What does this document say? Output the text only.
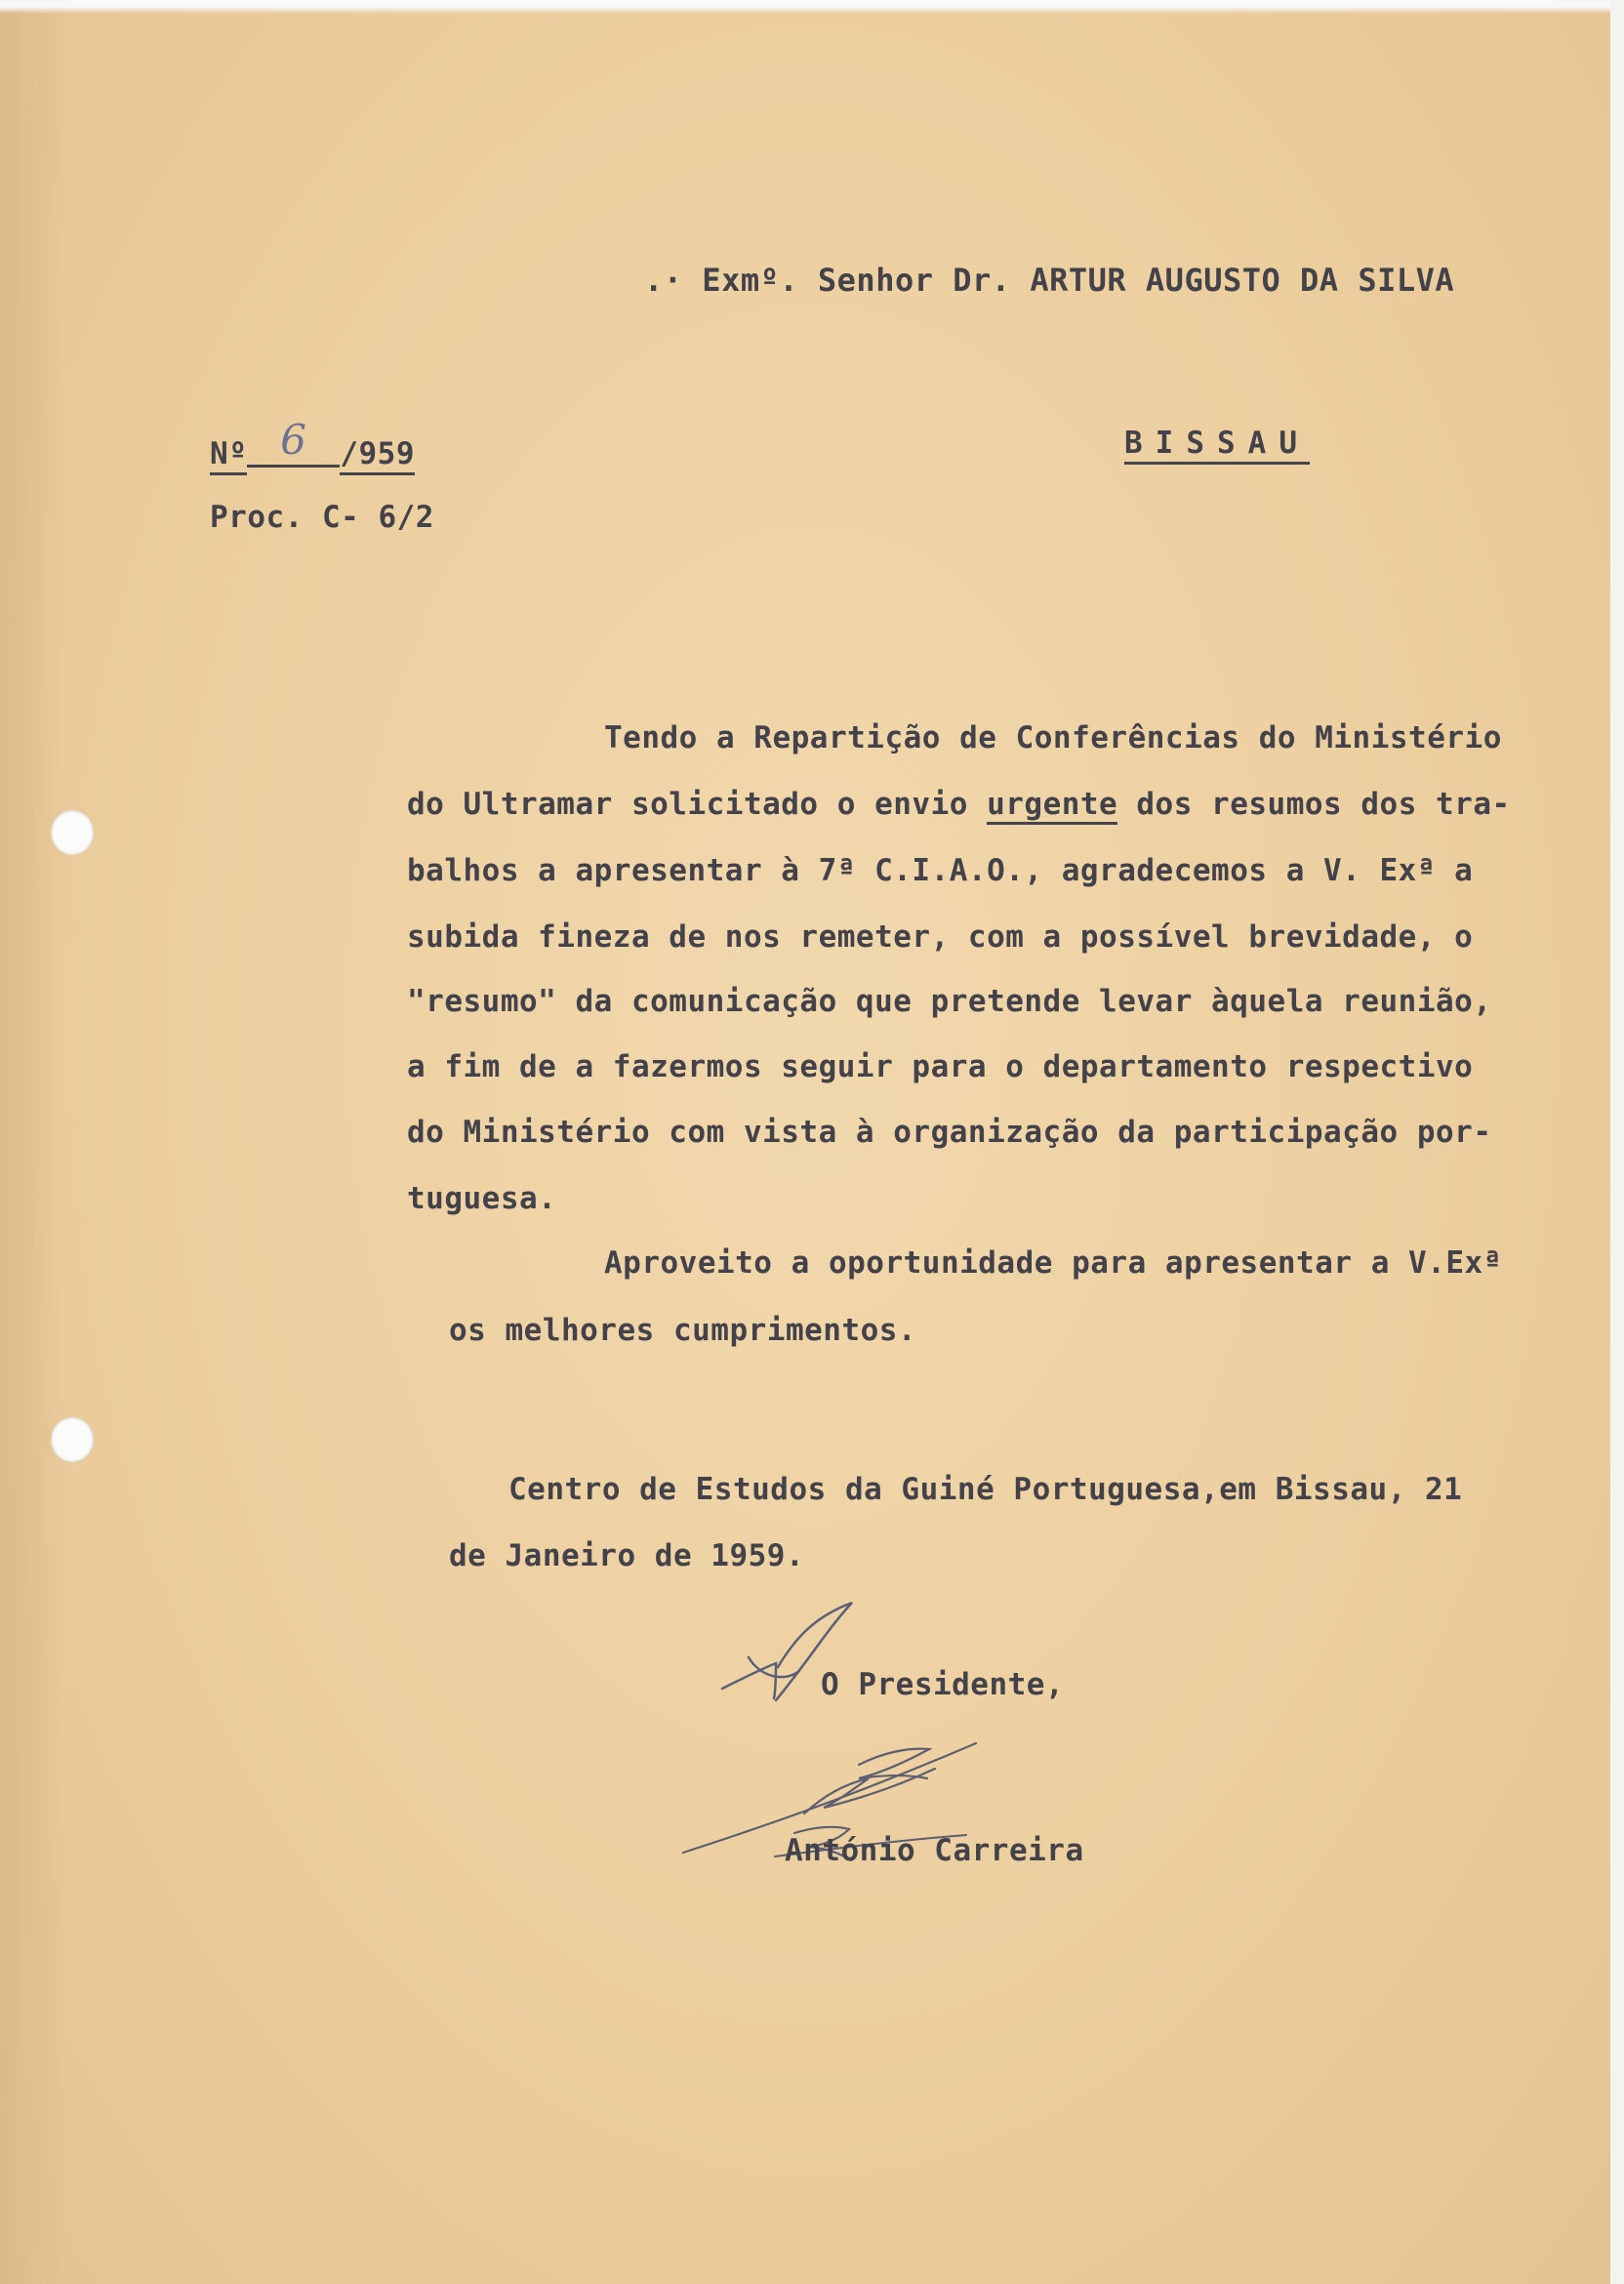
.· Exmº. Senhor Dr. ARTUR AUGUSTO DA SILVA
Nº 6 /959	BISSAU
Proc. C- 6/2
Tendo a Repartição de Conferências do Ministério
do Ultramar solicitado o envio urgente dos resumos dos tra-
balhos a apresentar à 7ª C.I.A.O., agradecemos a V. Exª a
subida fineza de nos remeter, com a possível brevidade, o
"resumo" da comunicação que pretende levar àquela reunião,
a fim de a fazermos seguir para o departamento respectivo
do Ministério com vista à organização da participação por-
tuguesa.
Aproveito a oportunidade para apresentar a V.Exª
os melhores cumprimentos.
Centro de Estudos da Guiné Portuguesa,em Bissau, 21
de Janeiro de 1959.
O Presidente,
António Carreira
